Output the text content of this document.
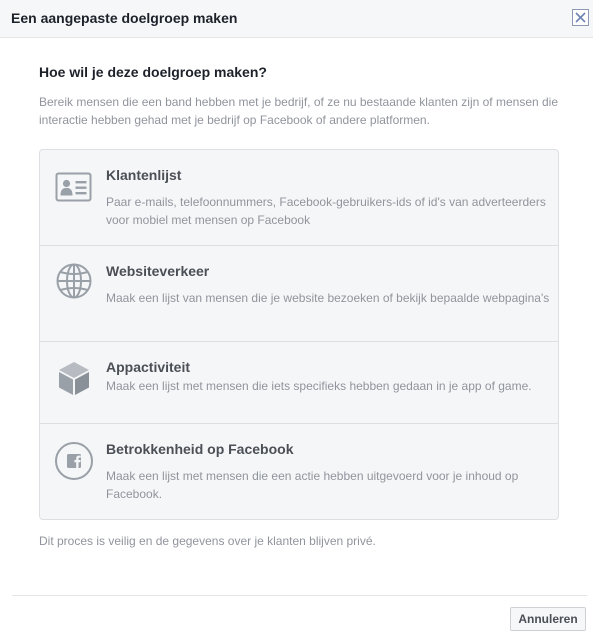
Een aangepaste doelgroep maken
Hoe wil je deze doelgroep maken?
Bereik mensen die een band hebben met je bedrijf, of ze nu bestaande klanten zijn of mensen die interactie hebben gehad met je bedrijf op Facebook of andere platformen.
Klantenlijst
Paar e-mails, telefoonnummers, Facebook-gebruikers-ids of id's van adverteerders voor mobiel met mensen op Facebook
Websiteverkeer
Maak een lijst van mensen die je website bezoeken of bekijk bepaalde webpagina's
Appactiviteit
Maak een lijst met mensen die iets specifieks hebben gedaan in je app of game.
Betrokkenheid op Facebook
Maak een lijst met mensen die een actie hebben uitgevoerd voor je inhoud op Facebook.
Dit proces is veilig en de gegevens over je klanten blijven privé.
Annuleren
